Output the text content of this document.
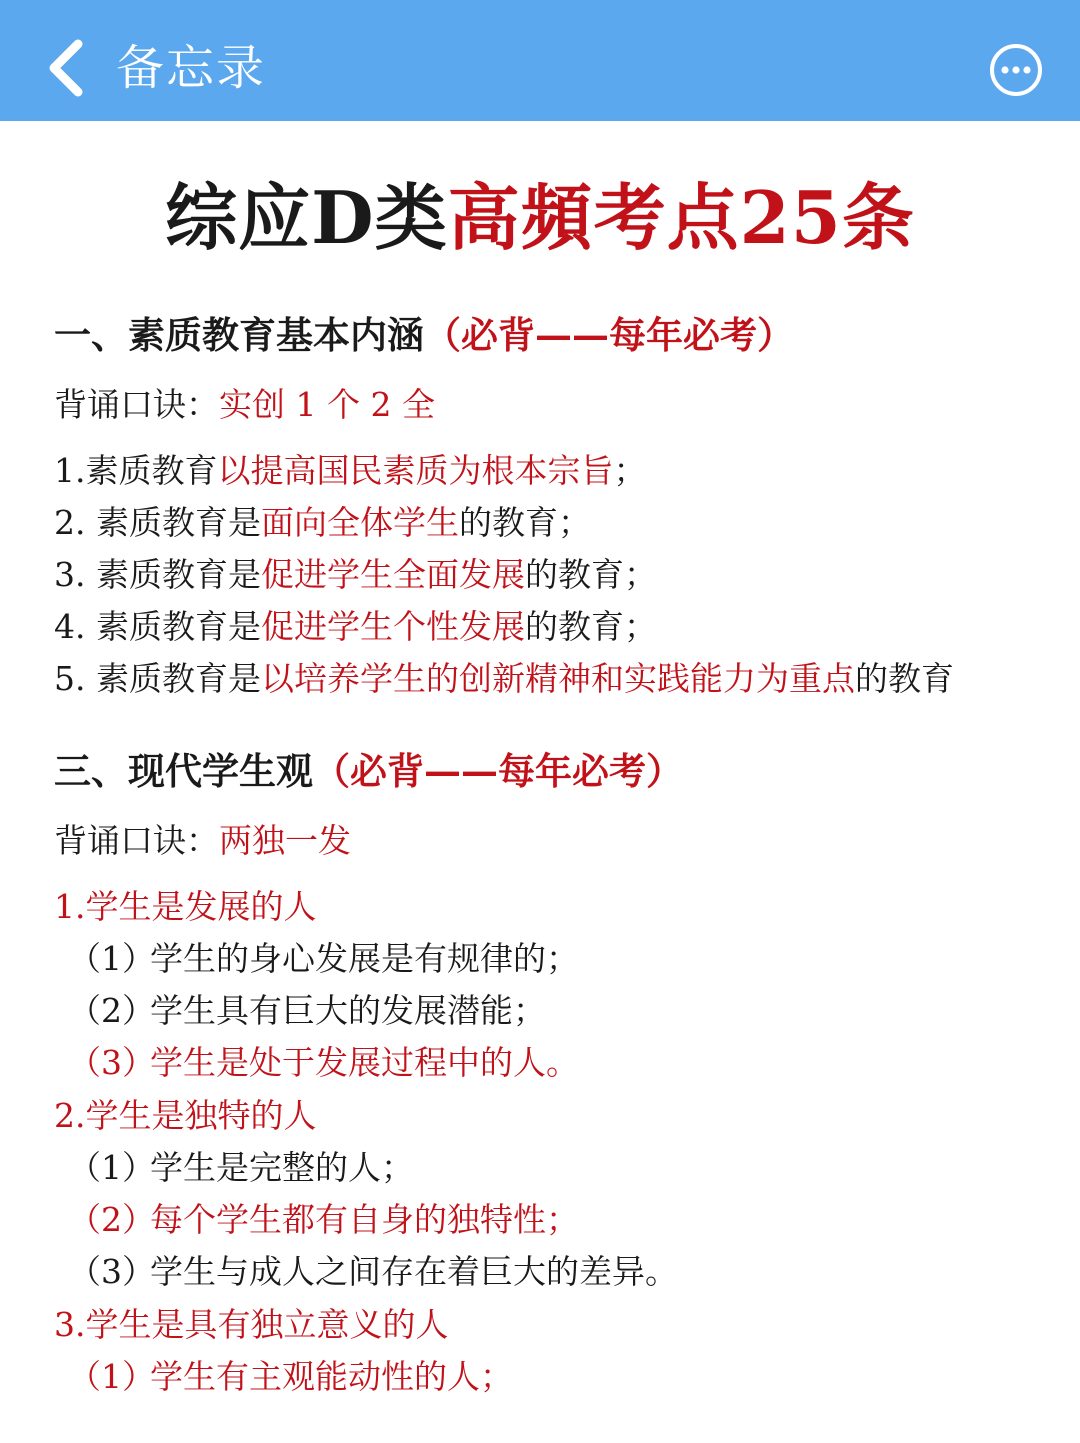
备忘录
综应D类高頻考点25条
一、素质教育基本内涵（必背——每年必考）
背诵口诀：实创 1 个 2 全
1.素质教育以提高国民素质为根本宗旨；
2. 素质教育是面向全体学生的教育；
3. 素质教育是促进学生全面发展的教育；
4. 素质教育是促进学生个性发展的教育；
5. 素质教育是以培养学生的创新精神和实践能力为重点的教育
三、现代学生观（必背——每年必考）
背诵口诀：两独一发
1.学生是发展的人
（1）学生的身心发展是有规律的；
（2）学生具有巨大的发展潜能；
（3）学生是处于发展过程中的人。
2.学生是独特的人
（1）学生是完整的人；
（2）每个学生都有自身的独特性；
（3）学生与成人之间存在着巨大的差异。
3.学生是具有独立意义的人
（1）学生有主观能动性的人；
